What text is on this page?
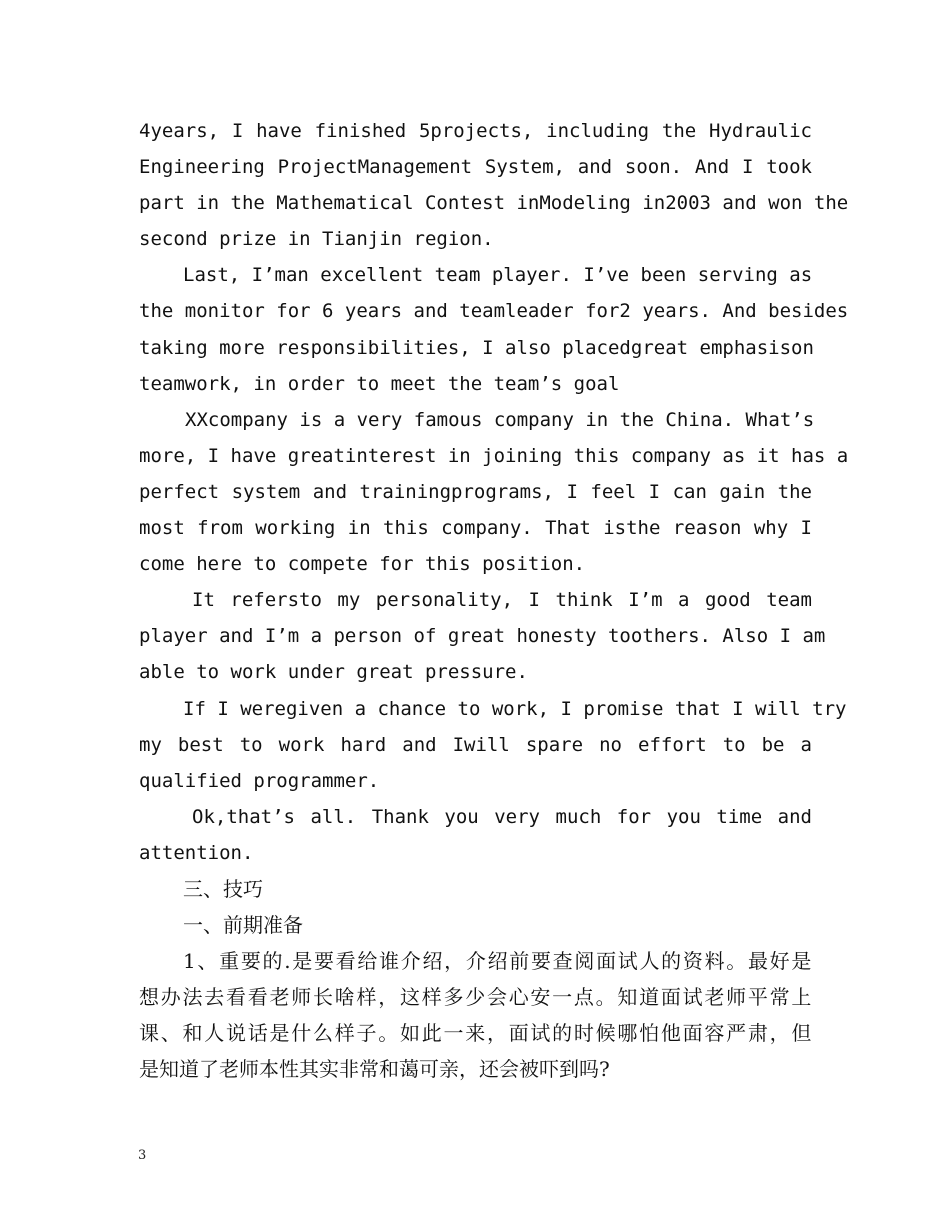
4years, I have finished 5projects, including the Hydraulic
Engineering ProjectManagement System, and soon. And I took
part in the Mathematical Contest inModeling in2003 and won the
second prize in Tianjin region.
Last, I’man excellent team player. I’ve been serving as
the monitor for 6 years and teamleader for2 years. And besides
taking more responsibilities, I also placedgreat emphasison
teamwork, in order to meet the team’s goal
XXcompany is a very famous company in the China. What’s
more, I have greatinterest in joining this company as it has a
perfect system and trainingprograms, I feel I can gain the
most from working in this company. That isthe reason why I
come here to compete for this position.
It refersto my personality, I think I’m a good team
player and I’m a person of great honesty toothers. Also I am
able to work under great pressure.
If I weregiven a chance to work, I promise that I will try
my best to work hard and Iwill spare no effort to be a
qualified programmer.
Ok,that’s all. Thank you very much for you time and
attention.
三、技巧
一、前期准备
1、重要的.是要看给谁介绍，介绍前要查阅面试人的资料。最好是
想办法去看看老师长啥样，这样多少会心安一点。知道面试老师平常上
课、和人说话是什么样子。如此一来，面试的时候哪怕他面容严肃，但
是知道了老师本性其实非常和蔼可亲，还会被吓到吗?
3
